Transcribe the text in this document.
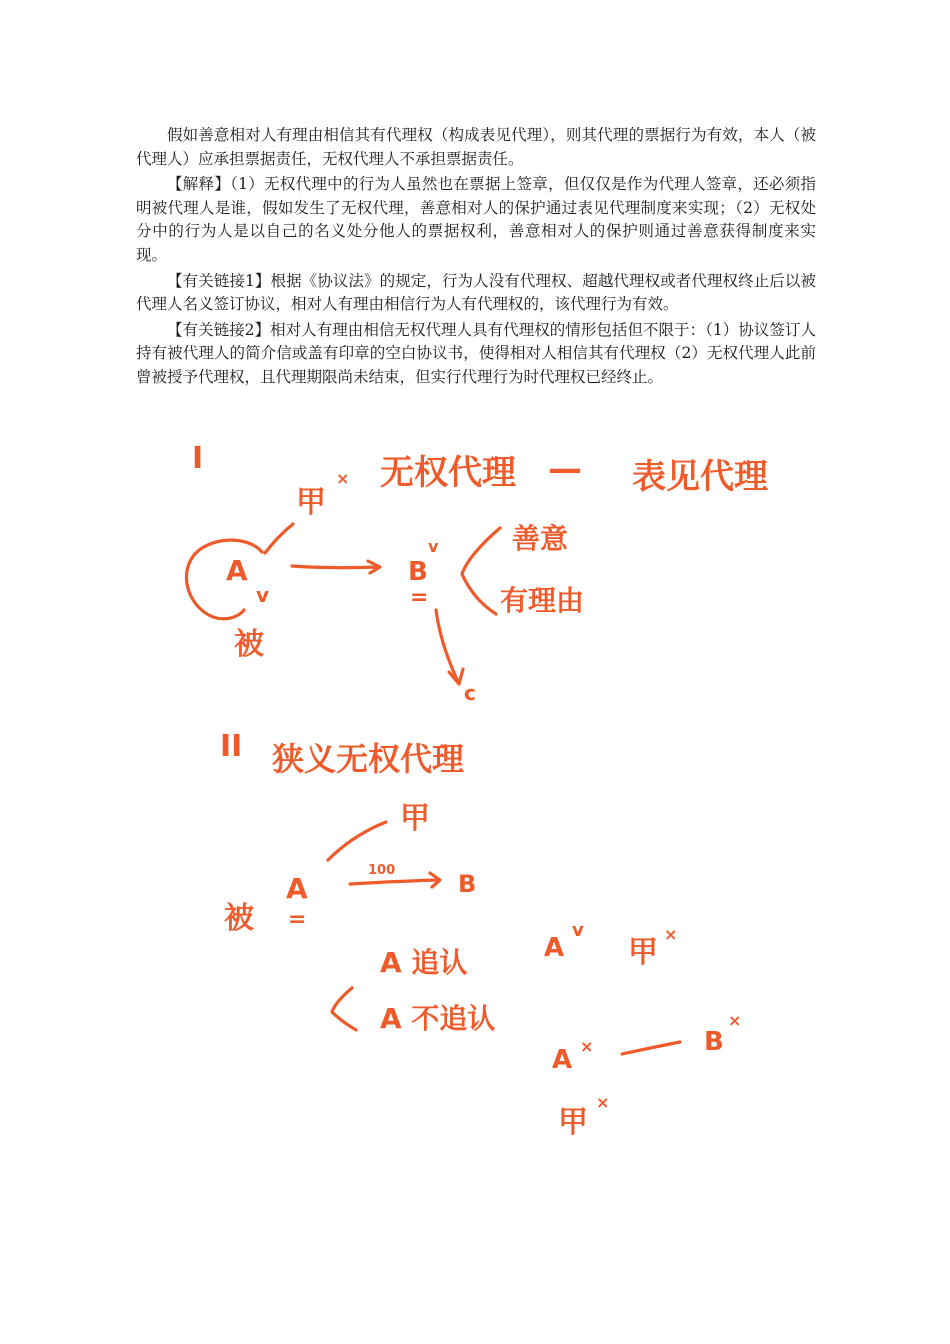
假如善意相对人有理由相信其有代理权（构成表见代理），则其代理的票据行为有效，本人（被代理人）应承担票据责任，无权代理人不承担票据责任。

【解释】（1）无权代理中的行为人虽然也在票据上签章，但仅仅是作为代理人签章，还必须指明被代理人是谁，假如发生了无权代理，善意相对人的保护通过表见代理制度来实现；（2）无权处分中的行为人是以自己的名义处分他人的票据权利，善意相对人的保护则通过善意获得制度来实现。

【有关链接1】根据《协议法》的规定，行为人没有代理权、超越代理权或者代理权终止后以被代理人名义签订协议，相对人有理由相信行为人有代理权的，该代理行为有效。

【有关链接2】相对人有理由相信无权代理人具有代理权的情形包括但不限于：（1）协议签订人持有被代理人的简介信或盖有印章的空白协议书，使得相对人相信其有代理权（2）无权代理人此前曾被授予代理权，且代理期限尚未结束，但实行代理行为时代理权已经终止。

I	无权代理 — 表见代理
甲
×
A
v
被
B
v
=
善意
有理由
c
II 狭义无权代理
甲
A
=
被
100	B
A 追认	A
v
甲
×
A 不追认
A ×	B
×
甲
×
